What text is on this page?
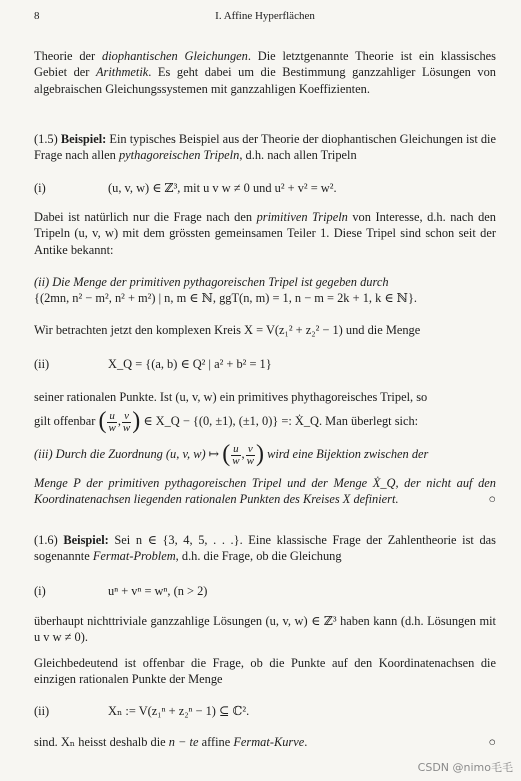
8	I. Affine Hyperflächen
Theorie der diophantischen Gleichungen. Die letztgenannte Theorie ist ein klassisches Gebiet der Arithmetik. Es geht dabei um die Bestimmung ganzzahliger Lösungen von algebraischen Gleichungssystemen mit ganzzahligen Koeffizienten.
(1.5) Beispiel: Ein typisches Beispiel aus der Theorie der diophantischen Gleichungen ist die Frage nach allen pythagoreischen Tripeln, d.h. nach allen Tripeln
(i)	(u, v, w) ∈ ℤ³, mit u v w ≠ 0 und u² + v² = w².
Dabei ist natürlich nur die Frage nach den primitiven Tripeln von Interesse, d.h. nach den Tripeln (u, v, w) mit dem grössten gemeinsamen Teiler 1. Diese Tripel sind schon seit der Antike bekannt:
(ii) Die Menge der primitiven pythagoreischen Tripel ist gegeben durch
{(2mn, n² − m², n² + m²) | n, m ∈ ℕ, ggT(n, m) = 1, n − m = 2k + 1, k ∈ ℕ}.
Wir betrachten jetzt den komplexen Kreis X = V(z₁² + z₂² − 1) und die Menge
(ii)	X_Q = {(a, b) ∈ Q² | a² + b² = 1}
seiner rationalen Punkte. Ist (u, v, w) ein primitives phythagoreisches Tripel, so
gilt offenbar ( $\frac{u}{w}$ , $\frac{v}{w}$ ) ∈ X_Q − {(0, ±1), (±1, 0)} =: Ẋ_Q. Man überlegt sich:
(iii) Durch die Zuordnung (u, v, w) ↦ ( $\frac{u}{w}$ , $\frac{v}{w}$ ) wird eine Bijektion zwischen der
Menge P der primitiven pythagoreischen Tripel und der Menge Ẋ_Q, der nicht auf den Koordinatenachsen liegenden rationalen Punkten des Kreises X definiert.	○
(1.6) Beispiel: Sei n ∈ {3, 4, 5, . . .}. Eine klassische Frage der Zahlentheorie ist das sogenannte Fermat-Problem, d.h. die Frage, ob die Gleichung
(i)	uⁿ + vⁿ = wⁿ, (n > 2)
überhaupt nichttriviale ganzzahlige Lösungen (u, v, w) ∈ ℤ³ haben kann (d.h. Lösungen mit u v w ≠ 0).
Gleichbedeutend ist offenbar die Frage, ob die Punkte auf den Koordinatenachsen die einzigen rationalen Punkte der Menge
(ii)	Xₙ := V(z₁ⁿ + z₂ⁿ − 1) ⊆ ℂ².
sind. Xₙ heisst deshalb die n − te affine Fermat-Kurve.	○
CSDN @nimo毛毛
